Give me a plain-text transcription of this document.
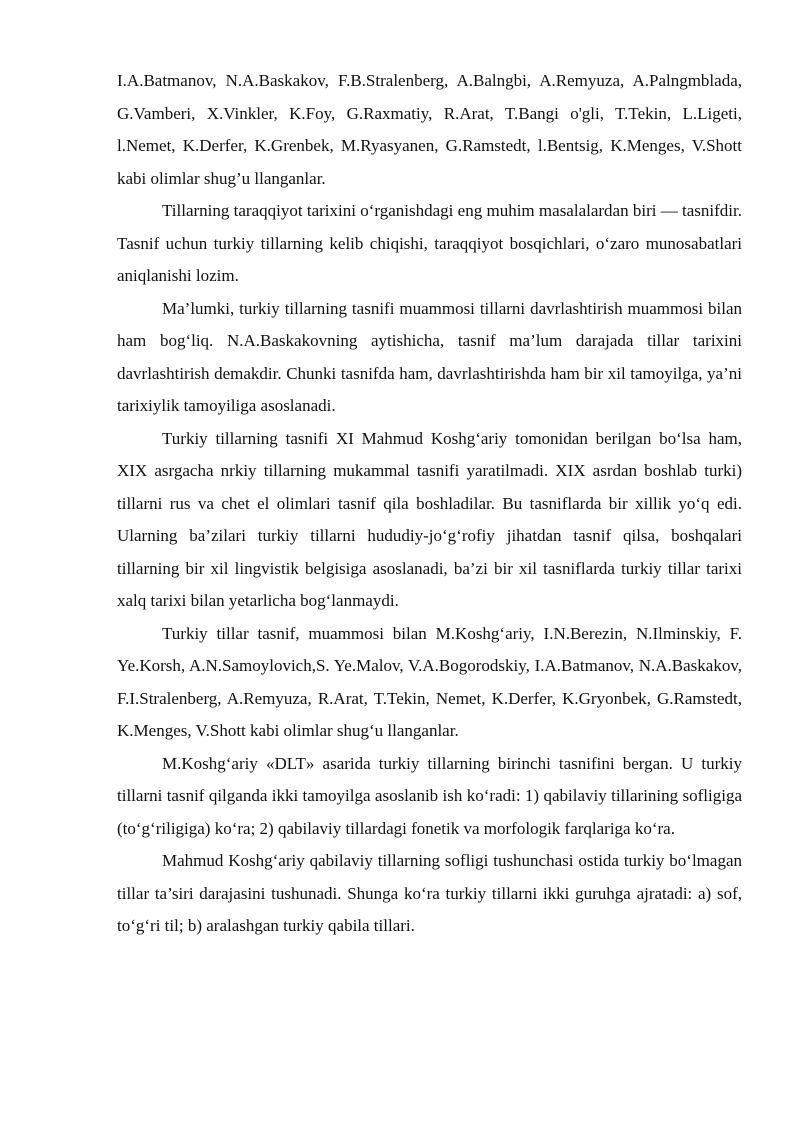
I.A.Batmanov, N.A.Baskakov, F.B.Stralenberg, A.Balngbi, A.Remyuza, A.Palngmblada, G.Vamberi, X.Vinkler, K.Foy, G.Raxmatiy, R.Arat, T.Bangi o'gli, T.Tekin, L.Ligeti, l.Nemet, K.Derfer, K.Grenbek, M.Ryasyanen, G.Ramstedt, l.Bentsig, K.Menges, V.Shott kabi olimlar shug’u llanganlar.

Tillarning taraqqiyot tarixini o‘rganishdagi eng muhim masalalardan biri — tasnifdir. Tasnif uchun turkiy tillarning kelib chiqishi, taraqqiyot bosqichlari, o‘zaro munosabatlari aniqlanishi lozim.

Ma’lumki, turkiy tillarning tasnifi muammosi tillarni davrlashtirish muammosi bilan ham bog‘liq. N.A.Baskakovning aytishicha, tasnif ma’lum darajada tillar tarixini davrlashtirish demakdir. Chunki tasnifda ham, davrlashtirishda ham bir xil tamoyilga, ya’ni tarixiylik tamoyiliga asoslanadi.

Turkiy tillarning tasnifi XI Mahmud Koshg‘ariy tomonidan berilgan bo‘lsa ham, XIX asrgacha nrkiy tillarning mukammal tasnifi yaratilmadi. XIX asrdan boshlab turki) tillarni rus va chet el olimlari tasnif qila boshladilar. Bu tasniflarda bir xillik yo‘q edi. Ularning ba’zilari turkiy tillarni hududiy-jo‘g‘rofiy jihatdan tasnif qilsa, boshqalari tillarning bir xil lingvistik belgisiga asoslanadi, ba’zi bir xil tasniflarda turkiy tillar tarixi xalq tarixi bilan yetarlicha bog‘lanmaydi.

Turkiy tillar tasnif, muammosi bilan M.Koshg‘ariy, I.N.Berezin, N.Ilminskiy, F. Ye.Korsh, A.N.Samoylovich,S. Ye.Malov, V.A.Bogorodskiy, I.A.Batmanov, N.A.Baskakov, F.I.Stralenberg, A.Remyuza, R.Arat, T.Tekin, Nemet, K.Derfer, K.Gryonbek, G.Ramstedt, K.Menges, V.Shott kabi olimlar shug‘u llanganlar.

M.Koshg‘ariy «DLT» asarida turkiy tillarning birinchi tasnifini bergan. U turkiy tillarni tasnif qilganda ikki tamoyilga asoslanib ish ko‘radi: 1) qabilaviy tillarining sofligiga (to‘g‘riligiga) ko‘ra; 2) qabilaviy tillardagi fonetik va morfologik farqlariga ko‘ra.

Mahmud Koshg‘ariy qabilaviy tillarning sofligi tushunchasi ostida turkiy bo‘lmagan tillar ta’siri darajasini tushunadi. Shunga ko‘ra turkiy tillarni ikki guruhga ajratadi: a) sof, to‘g‘ri til; b) aralashgan turkiy qabila tillari.
